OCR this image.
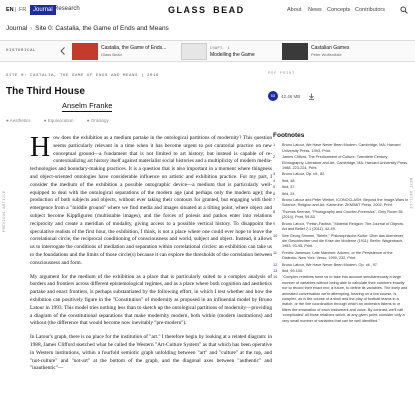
EN | FR	Journal Research	GLASS  BEAD	About News Concepts Contributors
Journal › Site 0: Castalia, the Game of Ends and Means
HISTORICAL	Castalia, the Game of Ends...
Glass Bead
CHAPT. 1
Modelling the Game
Castalian Games
Peter Wolfendale
SITE 0: CASTALIA, THE GAME OF ENDS AND MEANS | 2016	PDF PRINT
The Third House
Anselm Franke
53	42.46 MB
● Aesthetics	● Equivocation	● Ontology
PREVIOUS ARTICLE	NEXT ARTICLE

How does the exhibition as a medium partake in the ontological partitions of modernity? This question seems particularly relevant in a time when it has become urgent to put curatorial practice on new conceptual ground—a fundament that is not limited to art history, but instead is capable of re-contextualizing art history itself against materialist social histories and a multiplicity of modern media-technologies and boundary-making practices. It is a question that is also important in a moment where thingness and object-oriented ontologies have considerable influence on artistic and exhibition practice. For my part, I consider the medium of the exhibition a possible ontographic device—a medium that is particularly well-equipped to deal with the ontological separations of the modern age (and perhaps only the modern age); the production of both subjects and objects, without ever taking their contours for granted, but engaging with their emergence from a "middle ground" where we find media and images situated at a tilting point, where object and subject become Kippfiguren (multistable images), and the forces of poiesis and pathos enter into relations reciprocity and create a meridian of modality, giving access to a possible vertical history. To disappoint the speculative realists of the first hour, the exhibition, I think, is not a place where one could ever hope to leave the correlational circle, the reciprocal conditioning of consciousness and world, subject and object. Instead, it allows us to interrogate the conditions of mediation and separation within correlational circles: an exhibition can take us to the foundations and the limits of those circle(s) because it can explore the thresholds of the correlation between consciousness and form.

My argument for the medium of the exhibition as a place that is particularly suited to a complex analysis of borders and frontiers across different epistemological regimes, and as a place where both cognition and aesthetics partake and enact frontiers, is perhaps substantiated by the following effort, in which I test whether and how the exhibition can positively figure in the "Constitution" of modernity as proposed in an influential model by Bruno Latour in 1993. This model tries nothing less than to sketch up the ontological partitions of modernity—providing a diagram of the constitutional separations that make modernity modern, both within (modern institutions) and without (the difference that would become now inevitably "pre-modern").

In Latour's graph, there is no place for the institution of "art." I therefore begin by looking at a related diagram: in 1988, James Clifford sketched what he called the Western "Art-Culture System" as that which has been operative in Western institutions, within a fourfold semiotic graph unfolding between "art" and "culture" at the top, and "not-culture" and "not-art" at the bottom of the graph, and the diagonal axes between "authentic" and "inauthentic"—

Footnotes
1	Bruno Latour, We Have Never Been Modern. Cambridge, MA: Harvard University Press, 1993, Print.
2	James Clifford, The Predicament of Culture: Twentieth Century Ethnography, Literature and Art. Cambridge, MA: Harvard University Press, 1988, 223-224, Print.
3	Bruno Latour, Op. cit., 82.
4	Ibid, 48.
5	Ibid, 37.
6	Ibid, 24.
7	Bruno Latour and Peter Weibel, ICONOCLASH: Beyond the Image-Wars in Science, Religion and Art. Karlsruhe: ZKM/MIT Press, 2002, Print.
8	Thomas Keenan, "Photography and Counter-Forensics", Grey Room 55 (2014), Print, 59-83.
9	Bruno Latour, "Fetish-Factish," Material Religion: The Journal of Objects, Art and Belief 7.1 (2011), 42-49.
10	See Georg Simmel, "Briefe," Philosophische Kultur: Über das Abenteuer, die Geschlechter und die Krise der Moderne (1911). Berlin: Wagenbach, 1983, 93-95, Print.
11	Fredric Jameson, Late Marxism: Adorno, or the Persistence of the Dialectic. New York: Verso, 1990, 232, Print.
12	Bruno Latour, We Have Never Been Modern. Op. cit., 97.
13	Ibid, 99-100.
14	"Complex relations force us to take into account simultaneously a large number of variables without being able to calculate their numbers exactly nor to record their exact mix; a future, to define its variables. The lively and animated conversation we're attempting, bearing on a live course, is complex, as is the course of a skull and the play of football teams in a match, or the line coordination through which an orchestra listens to or filters the emanation of each instrument and voice. By contrast, we'll call 'complicated' all those relations which, at any given point, consider only a very small number of variables that can be well identified."
